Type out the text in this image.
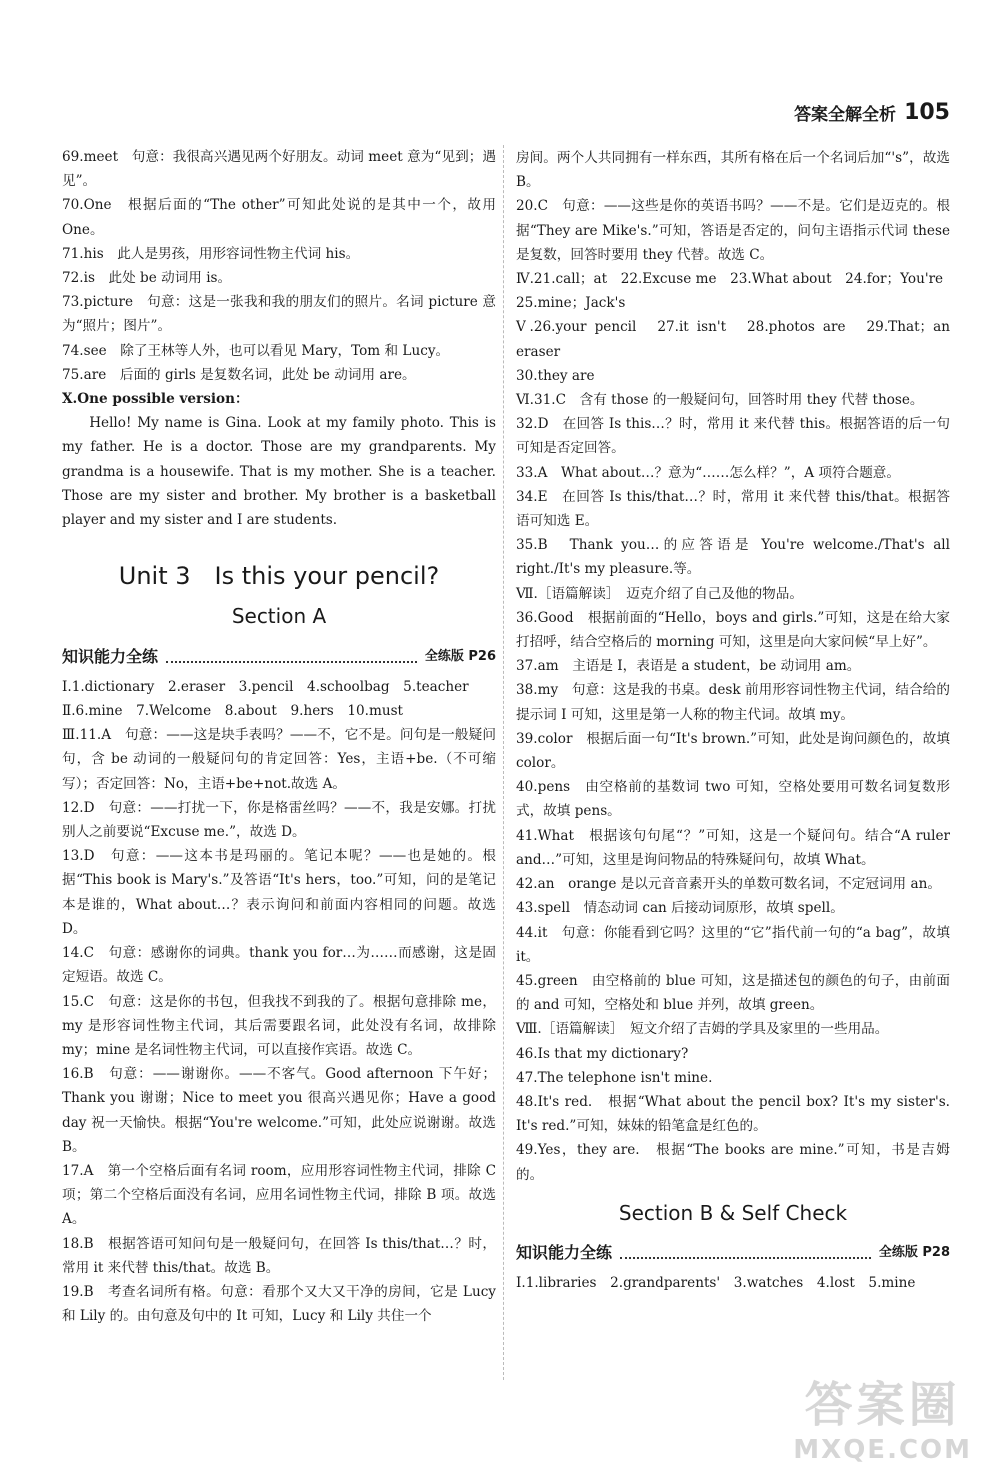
答案全解全析 105

69.meet　句意：我很高兴遇见两个好朋友。动词 meet 意为“见到；遇见”。

70.One　根据后面的“The other”可知此处说的是其中一个，故用 One。

71.his　此人是男孩，用形容词性物主代词 his。

72.is　此处 be 动词用 is。

73.picture　句意：这是一张我和我的朋友们的照片。名词 picture 意为“照片；图片”。

74.see　除了王林等人外，也可以看见 Mary，Tom 和 Lucy。

75.are　后面的 girls 是复数名词，此处 be 动词用 are。

Ⅹ.One possible version：

Hello! My name is Gina. Look at my family photo. This is my father. He is a doctor. Those are my grandparents. My grandma is a housewife. That is my mother. She is a teacher. Those are my sister and brother. My brother is a basketball player and my sister and I are students.

Unit 3　Is this your pencil?
Section A
知识能力全练	全练版 P26

Ⅰ.1.dictionary　2.eraser　3.pencil　4.schoolbag　5.teacher

Ⅱ.6.mine　7.Welcome　8.about　9.hers　10.must

Ⅲ.11.A　句意：——这是块手表吗？——不，它不是。问句是一般疑问句，含 be 动词的一般疑问句的肯定回答：Yes，主语+be.（不可缩写）；否定回答：No，主语+be+not.故选 A。

12.D　句意：——打扰一下，你是格雷丝吗？——不，我是安娜。打扰别人之前要说“Excuse me.”，故选 D。

13.D　句意：——这本书是玛丽的。笔记本呢？——也是她的。根据“This book is Mary's.”及答语“It's hers，too.”可知，问的是笔记本是谁的，What about…？表示询问和前面内容相同的问题。故选 D。

14.C　句意：感谢你的词典。thank you for…为……而感谢，这是固定短语。故选 C。

15.C　句意：这是你的书包，但我找不到我的了。根据句意排除 me，my 是形容词性物主代词，其后需要跟名词，此处没有名词，故排除 my；mine 是名词性物主代词，可以直接作宾语。故选 C。

16.B　句意：——谢谢你。——不客气。Good afternoon 下午好；Thank you 谢谢；Nice to meet you 很高兴遇见你；Have a good day 祝一天愉快。根据“You're welcome.”可知，此处应说谢谢。故选 B。

17.A　第一个空格后面有名词 room，应用形容词性物主代词，排除 C 项；第二个空格后面没有名词，应用名词性物主代词，排除 B 项。故选 A。

18.B　根据答语可知问句是一般疑问句，在回答 Is this/that…？时，常用 it 来代替 this/that。故选 B。

19.B　考查名词所有格。句意：看那个又大又干净的房间，它是 Lucy 和 Lily 的。由句意及句中的 It 可知，Lucy 和 Lily 共住一个

房间。两个人共同拥有一样东西，其所有格在后一个名词后加“'s”，故选 B。

20.C　句意：——这些是你的英语书吗？——不是。它们是迈克的。根据“They are Mike's.”可知，答语是否定的，问句主语指示代词 these 是复数，回答时要用 they 代替。故选 C。

Ⅳ.21.call；at　22.Excuse me　23.What about　24.for；You're

25.mine；Jack's

Ⅴ.26.your pencil　27.it isn't　28.photos are　29.That；an eraser

30.they are

Ⅵ.31.C　含有 those 的一般疑问句，回答时用 they 代替 those。

32.D　在回答 Is this…？时，常用 it 来代替 this。根据答语的后一句可知是否定回答。

33.A　What about…？意为“……怎么样？”，A 项符合题意。

34.E　在回答 Is this/that…？时，常用 it 来代替 this/that。根据答语可知选 E。

35.B　Thank you…的应答语是 You're welcome./That's all right./It's my pleasure.等。

Ⅶ.［语篇解读］　迈克介绍了自己及他的物品。

36.Good　根据前面的“Hello，boys and girls.”可知，这是在给大家打招呼，结合空格后的 morning 可知，这里是向大家问候“早上好”。

37.am　主语是 I，表语是 a student，be 动词用 am。

38.my　句意：这是我的书桌。desk 前用形容词性物主代词，结合给的提示词 I 可知，这里是第一人称的物主代词。故填 my。

39.color　根据后面一句“It's brown.”可知，此处是询问颜色的，故填 color。

40.pens　由空格前的基数词 two 可知，空格处要用可数名词复数形式，故填 pens。

41.What　根据该句句尾“？”可知，这是一个疑问句。结合“A ruler and…”可知，这里是询问物品的特殊疑问句，故填 What。

42.an　orange 是以元音音素开头的单数可数名词，不定冠词用 an。

43.spell　情态动词 can 后接动词原形，故填 spell。

44.it　句意：你能看到它吗？这里的“它”指代前一句的“a bag”，故填 it。

45.green　由空格前的 blue 可知，这是描述包的颜色的句子，由前面的 and 可知，空格处和 blue 并列，故填 green。

Ⅷ.［语篇解读］　短文介绍了吉姆的学具及家里的一些用品。

46.Is that my dictionary?

47.The telephone isn't mine.

48.It's red.　根据“What about the pencil box? It's my sister's. It's red.”可知，妹妹的铅笔盒是红色的。

49.Yes，they are.　根据“The books are mine.”可知，书是吉姆的。

Section B & Self Check
知识能力全练	全练版 P28

Ⅰ.1.libraries　2.grandparents'　3.watches　4.lost　5.mine

答案圈
MXQE.COM
